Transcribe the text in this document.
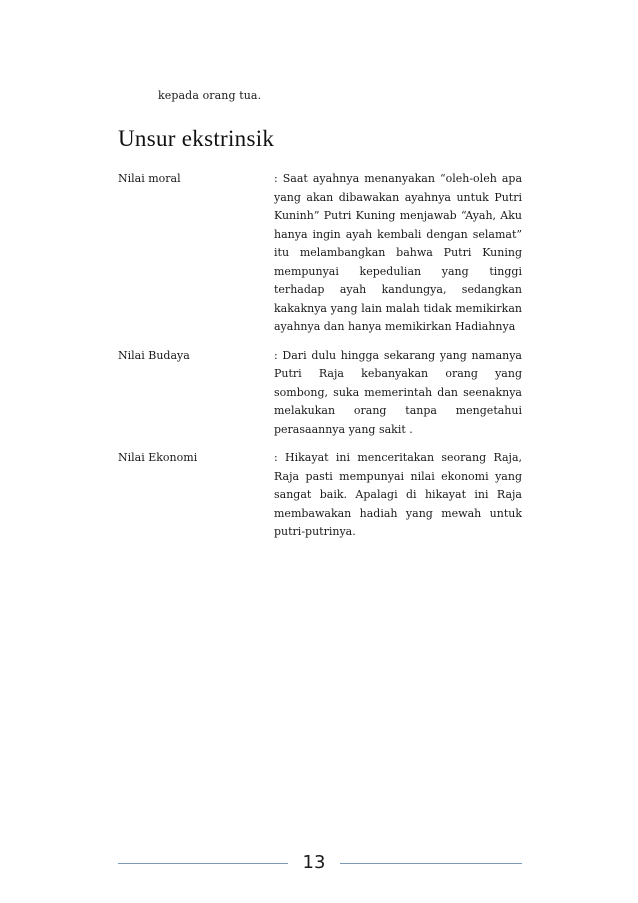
kepada orang tua.
Unsur ekstrinsik
Nilai moral	: Saat ayahnya menanyakan “oleh-oleh apa yang akan dibawakan ayahnya untuk Putri Kuninh” Putri Kuning menjawab “Ayah, Aku hanya ingin ayah kembali dengan selamat” itu melambangkan bahwa Putri Kuning mempunyai kepedulian yang tinggi terhadap ayah kandungya, sedangkan kakaknya yang lain malah tidak memikirkan ayahnya dan hanya memikirkan Hadiahnya
Nilai Budaya	: Dari dulu hingga sekarang yang namanya Putri Raja kebanyakan orang yang sombong, suka memerintah dan seenaknya melakukan orang tanpa mengetahui perasaannya yang sakit .
Nilai Ekonomi	: Hikayat ini menceritakan seorang Raja, Raja pasti mempunyai nilai ekonomi yang sangat baik. Apalagi di hikayat ini Raja membawakan hadiah yang mewah untuk putri-putrinya.
13
